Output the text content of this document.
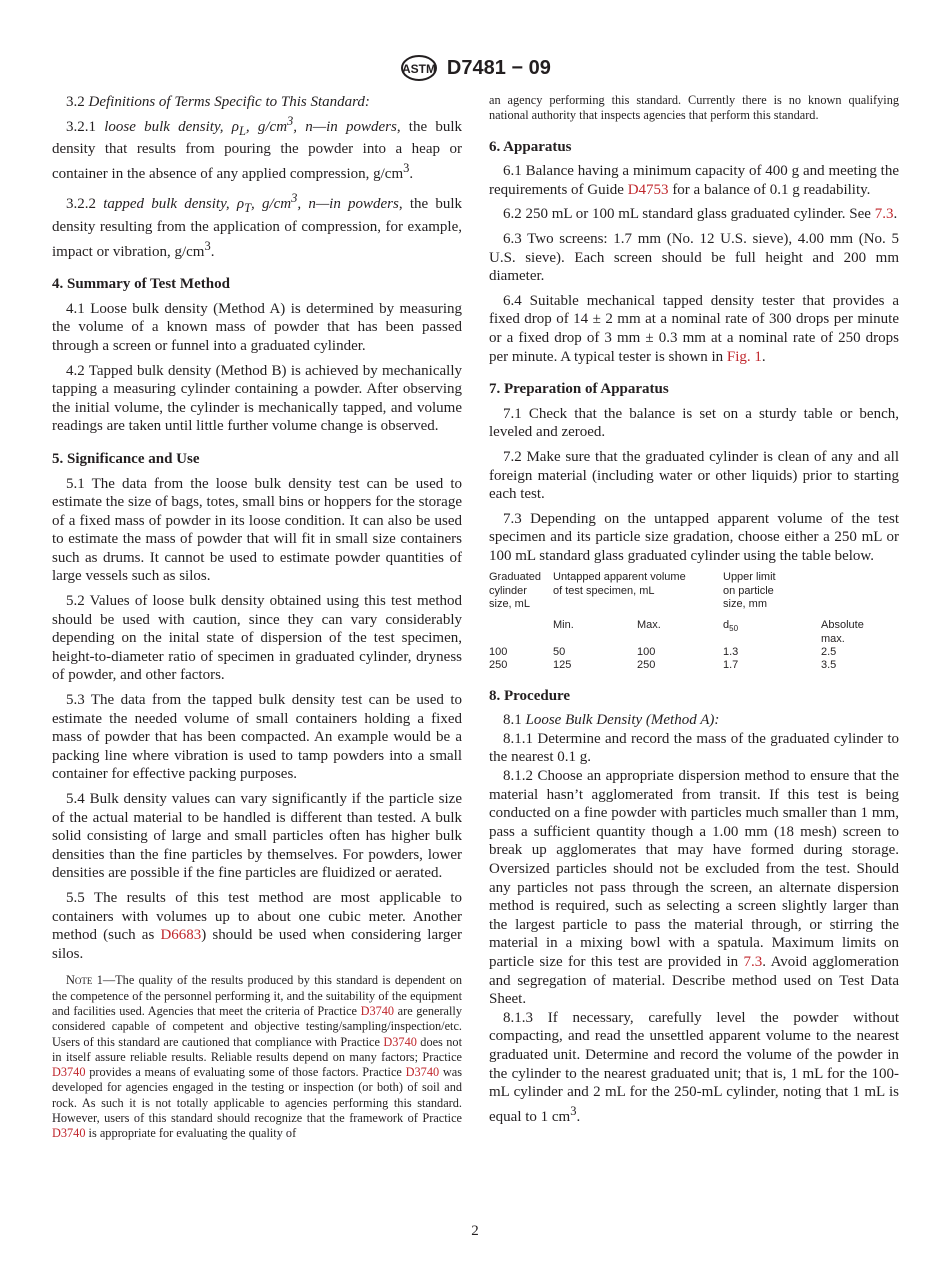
ASTM D7481 − 09

3.2 Definitions of Terms Specific to This Standard:

3.2.1 loose bulk density, $\rho_L$, $g/cm^3$, n—in powders, the bulk density that results from pouring the powder into a heap or container in the absence of any applied compression, $g/cm^3$.

3.2.2 tapped bulk density, $\rho_T$, $g/cm^3$, n—in powders, the bulk density resulting from the application of compression, for example, impact or vibration, $g/cm^3$.

4. Summary of Test Method

4.1 Loose bulk density (Method A) is determined by measuring the volume of a known mass of powder that has been passed through a screen or funnel into a graduated cylinder.

4.2 Tapped bulk density (Method B) is achieved by mechanically tapping a measuring cylinder containing a powder. After observing the initial volume, the cylinder is mechanically tapped, and volume readings are taken until little further volume change is observed.

5. Significance and Use

5.1 The data from the loose bulk density test can be used to estimate the size of bags, totes, small bins or hoppers for the storage of a fixed mass of powder in its loose condition. It can also be used to estimate the mass of powder that will fit in small size containers such as drums. It cannot be used to estimate powder quantities of large vessels such as silos.

5.2 Values of loose bulk density obtained using this test method should be used with caution, since they can vary considerably depending on the inital state of dispersion of the test specimen, height-to-diameter ratio of specimen in graduated cylinder, dryness of powder, and other factors.

5.3 The data from the tapped bulk density test can be used to estimate the needed volume of small containers holding a fixed mass of powder that has been compacted. An example would be a packing line where vibration is used to tamp powders into a small container for effective packing purposes.

5.4 Bulk density values can vary significantly if the particle size of the actual material to be handled is different than tested. A bulk solid consisting of large and small particles often has higher bulk densities than the fine particles by themselves. For powders, lower densities are possible if the fine particles are fluidized or aerated.

5.5 The results of this test method are most applicable to containers with volumes up to about one cubic meter. Another method (such as D6683) should be used when considering larger silos.

Note 1—The quality of the results produced by this standard is dependent on the competence of the personnel performing it, and the suitability of the equipment and facilities used. Agencies that meet the criteria of Practice D3740 are generally considered capable of competent and objective testing/sampling/inspection/etc. Users of this standard are cautioned that compliance with Practice D3740 does not in itself assure reliable results. Reliable results depend on many factors; Practice D3740 provides a means of evaluating some of those factors. Practice D3740 was developed for agencies engaged in the testing or inspection (or both) of soil and rock. As such it is not totally applicable to agencies performing this standard. However, users of this standard should recognize that the framework of Practice D3740 is appropriate for evaluating the quality of

an agency performing this standard. Currently there is no known qualifying national authority that inspects agencies that perform this standard.

6. Apparatus

6.1 Balance having a minimum capacity of 400 g and meeting the requirements of Guide D4753 for a balance of 0.1 g readability.

6.2 250 mL or 100 mL standard glass graduated cylinder. See 7.3.

6.3 Two screens: 1.7 mm (No. 12 U.S. sieve), 4.00 mm (No. 5 U.S. sieve). Each screen should be full height and 200 mm diameter.

6.4 Suitable mechanical tapped density tester that provides a fixed drop of 14 ± 2 mm at a nominal rate of 300 drops per minute or a fixed drop of 3 mm ± 0.3 mm at a nominal rate of 250 drops per minute. A typical tester is shown in Fig. 1.

7. Preparation of Apparatus

7.1 Check that the balance is set on a sturdy table or bench, leveled and zeroed.

7.2 Make sure that the graduated cylinder is clean of any and all foreign material (including water or other liquids) prior to starting each test.

7.3 Depending on the untapped apparent volume of the test specimen and its particle size gradation, choose either a 250 mL or 100 mL standard glass graduated cylinder using the table below.

Graduated cylinder size, mL	Untapped apparent volume of test specimen, mL		Upper limit on particle size, mm	
	Min.	Max.	$d_{50}$	Absolute max.
100	50	100	1.3	2.5
250	125	250	1.7	3.5
8. Procedure

8.1 Loose Bulk Density (Method A):

8.1.1 Determine and record the mass of the graduated cylinder to the nearest 0.1 g.

8.1.2 Choose an appropriate dispersion method to ensure that the material hasn’t agglomerated from transit. If this test is being conducted on a fine powder with particles much smaller than 1 mm, pass a sufficient quantity though a 1.00 mm (18 mesh) screen to break up agglomerates that may have formed during storage. Oversized particles should not be excluded from the test. Should any particles not pass through the screen, an alternate dispersion method is required, such as selecting a screen slightly larger than the largest particle to pass the material through, or stirring the material in a mixing bowl with a spatula. Maximum limits on particle size for this test are provided in 7.3. Avoid agglomeration and segregation of material. Describe method used on Test Data Sheet.

8.1.3 If necessary, carefully level the powder without compacting, and read the unsettled apparent volume to the nearest graduated unit. Determine and record the volume of the powder in the cylinder to the nearest graduated unit; that is, 1 mL for the 100-mL cylinder and 2 mL for the 250-mL cylinder, noting that 1 mL is equal to 1 $cm^3$.

2
